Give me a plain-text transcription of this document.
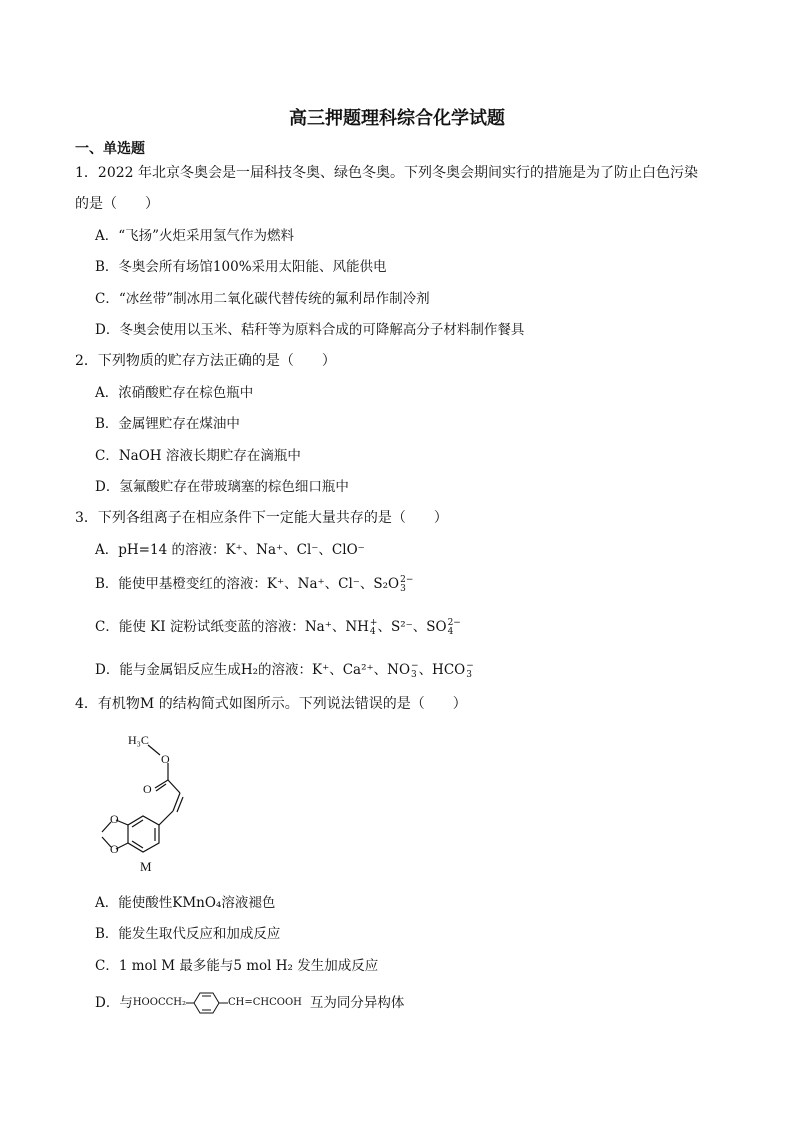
高三押题理科综合化学试题
一、单选题
1．2022 年北京冬奥会是一届科技冬奥、绿色冬奥。下列冬奥会期间实行的措施是为了防止白色污染
的是（　　）
A．“飞扬”火炬采用氢气作为燃料
B．冬奥会所有场馆100%采用太阳能、风能供电
C．“冰丝带”制冰用二氧化碳代替传统的氟利昂作制冷剂
D．冬奥会使用以玉米、秸秆等为原料合成的可降解高分子材料制作餐具
2．下列物质的贮存方法正确的是（　　）
A．浓硝酸贮存在棕色瓶中
B．金属锂贮存在煤油中
C．NaOH 溶液长期贮存在滴瓶中
D．氢氟酸贮存在带玻璃塞的棕色细口瓶中
3．下列各组离子在相应条件下一定能大量共存的是（　　）
A．pH=14 的溶液：K⁺、Na⁺、Cl⁻、ClO⁻
B．能使甲基橙变红的溶液：K⁺、Na⁺、Cl⁻、S₂O 2−
3
C．能使 KI 淀粉试纸变蓝的溶液：Na⁺、NH +
4 、S²⁻、SO 2−
4
D．能与金属铝反应生成H₂的溶液：K⁺、Ca²⁺、NO −
3 、HCO −
3
4．有机物M 的结构简式如图所示。下列说法错误的是（　　）
H₃C
O
O
O
O
M
A．能使酸性KMnO₄溶液褪色
B．能发生取代反应和加成反应
C．1 mol M 最多能与5 mol H₂ 发生加成反应
D．与 HOOCCH₂	CH=CHCOOH 互为同分异构体
